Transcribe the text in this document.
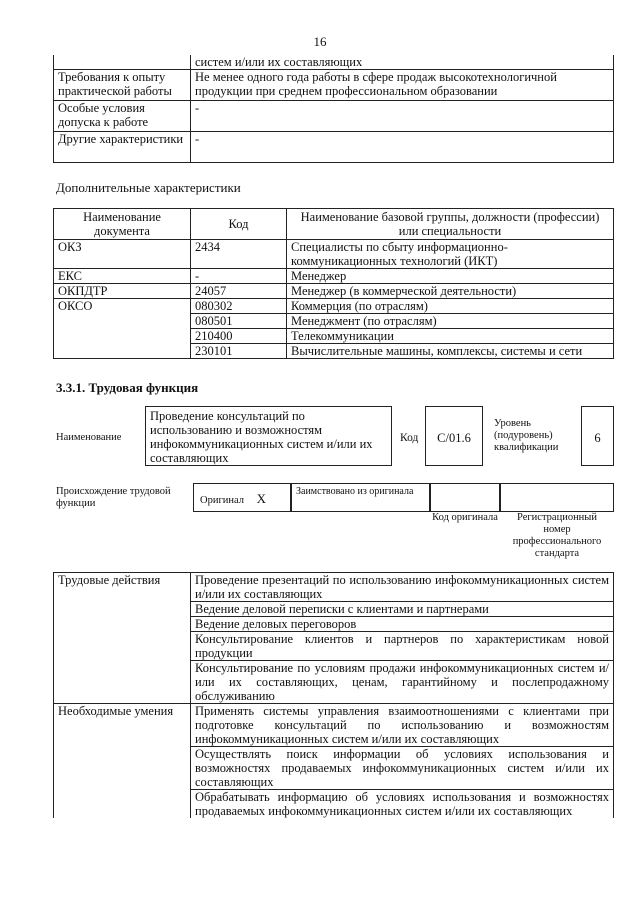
16
	систем и/или их составляющих
Требования к опыту практической работы	Не менее одного года работы в сфере продаж высокотехнологичной продукции при среднем профессиональном образовании
Особые условия допуска к работе	-
Другие характеристики	-
Дополнительные характеристики
Наименование документа	Код	Наименование базовой группы, должности (профессии) или специальности
ОКЗ	2434	Специалисты по сбыту информационно-коммуникационных технологий (ИКТ)
ЕКС	-	Менеджер
ОКПДТР	24057	Менеджер (в коммерческой деятельности)
ОКСО	080302	Коммерция (по отраслям)
	080501	Менеджмент (по отраслям)
	210400	Телекоммуникации
	230101	Вычислительные машины, комплексы, системы и сети
3.3.1. Трудовая функция
Наименование
Проведение консультаций по использованию и возможностям инфокоммуникационных систем и/или их составляющих
Код	C/01.6
Уровень (подуровень) квалификации
6
Происхождение трудовой функции	Оригинал X	Заимствовано из оригинала
Код оригинала	Регистрационный номер профессионального стандарта
Трудовые действия	Проведение презентаций по использованию инфокоммуникационных систем и/или их составляющих
	Ведение деловой переписки с клиентами и партнерами
	Ведение деловых переговоров
	Консультирование клиентов и партнеров по характеристикам новой продукции
	Консультирование по условиям продажи инфокоммуникационных систем и/или их составляющих, ценам, гарантийному и послепродажному обслуживанию
Необходимые умения	Применять системы управления взаимоотношениями с клиентами при подготовке консультаций по использованию и возможностям инфокоммуникационных систем и/или их составляющих
	Осуществлять поиск информации об условиях использования и возможностях продаваемых инфокоммуникационных систем и/или их составляющих
	Обрабатывать информацию об условиях использования и возможностях продаваемых инфокоммуникационных систем и/или их составляющих
